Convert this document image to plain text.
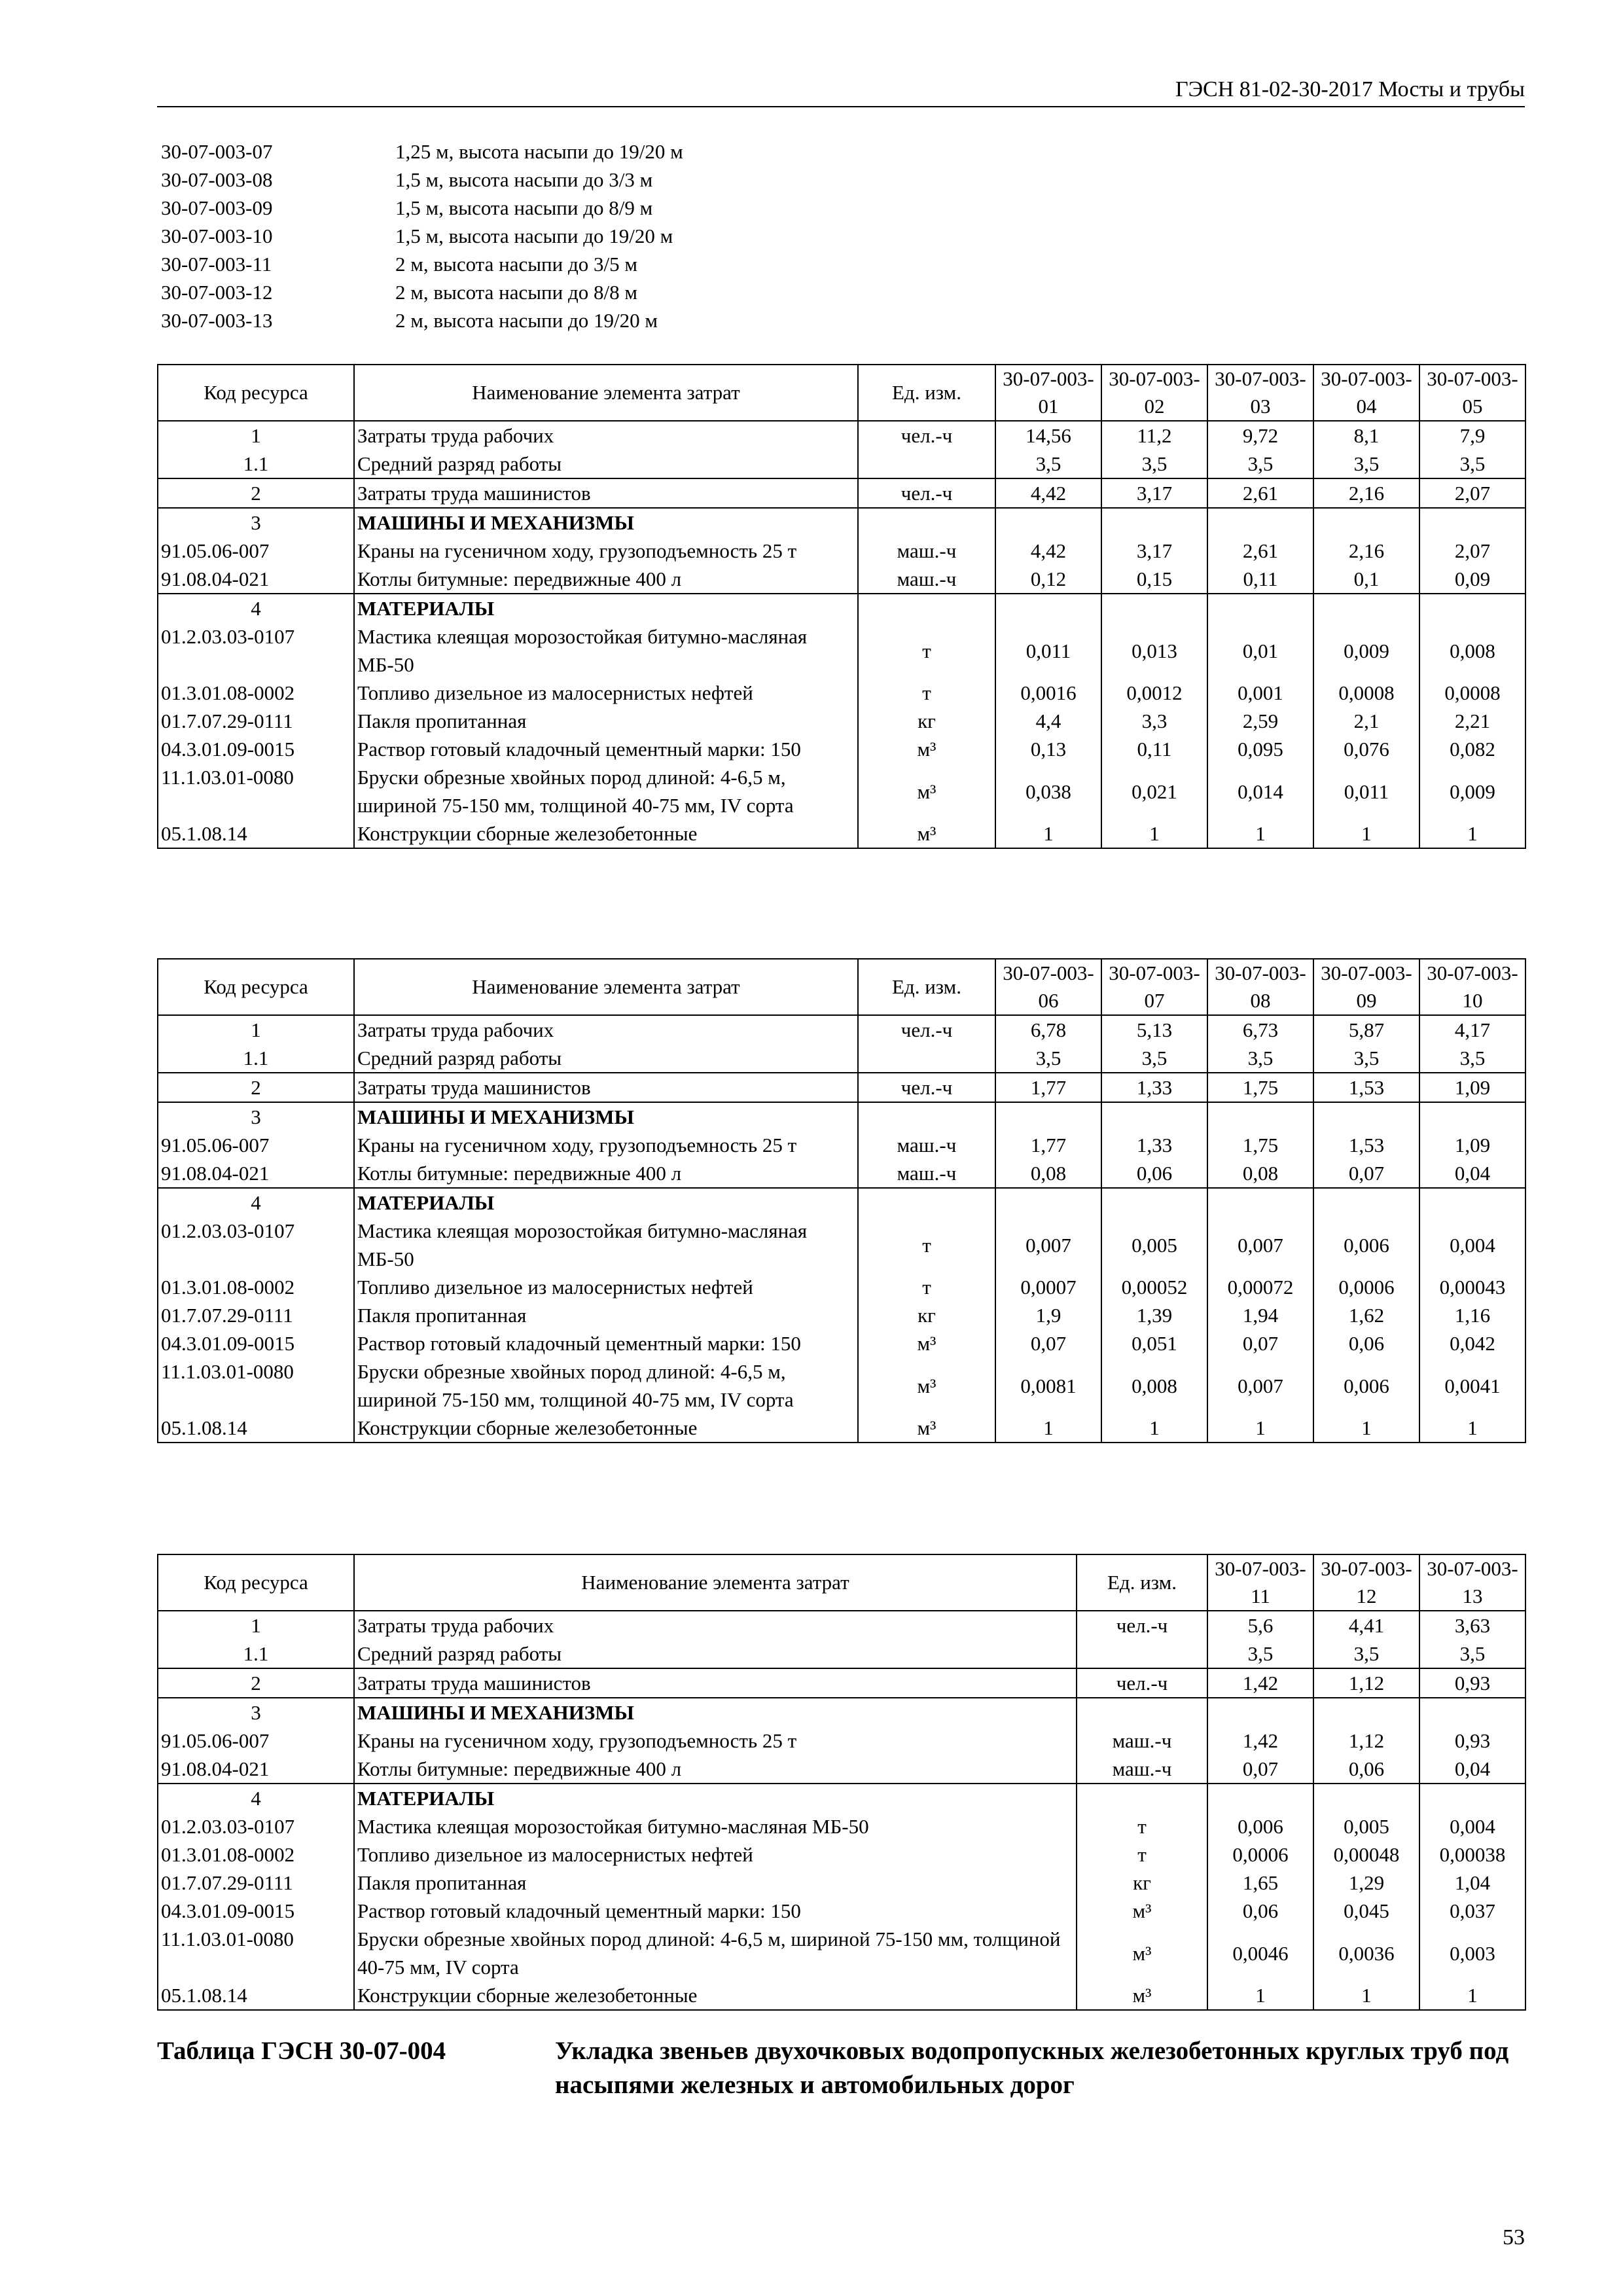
ГЭСН 81-02-30-2017 Мосты и трубы
30-07-003-07	1,25 м, высота насыпи до 19/20 м
30-07-003-08	1,5 м, высота насыпи до 3/3 м
30-07-003-09	1,5 м, высота насыпи до 8/9 м
30-07-003-10	1,5 м, высота насыпи до 19/20 м
30-07-003-11	2 м, высота насыпи до 3/5 м
30-07-003-12	2 м, высота насыпи до 8/8 м
30-07-003-13	2 м, высота насыпи до 19/20 м
Код ресурса	Наименование элемента затрат	Ед. изм.	30-07-003-01	30-07-003-02	30-07-003-03	30-07-003-04	30-07-003-05
1	Затраты труда рабочих	чел.-ч	14,56	11,2	9,72	8,1	7,9
1.1	Средний разряд работы		3,5	3,5	3,5	3,5	3,5
2	Затраты труда машинистов	чел.-ч	4,42	3,17	2,61	2,16	2,07
3	МАШИНЫ И МЕХАНИЗМЫ						
91.05.06-007	Краны на гусеничном ходу, грузоподъемность 25 т	маш.-ч	4,42	3,17	2,61	2,16	2,07
91.08.04-021	Котлы битумные: передвижные 400 л	маш.-ч	0,12	0,15	0,11	0,1	0,09
4	МАТЕРИАЛЫ						
01.2.03.03-0107	Мастика клеящая морозостойкая битумно-масляная МБ-50	т	0,011	0,013	0,01	0,009	0,008
01.3.01.08-0002	Топливо дизельное из малосернистых нефтей	т	0,0016	0,0012	0,001	0,0008	0,0008
01.7.07.29-0111	Пакля пропитанная	кг	4,4	3,3	2,59	2,1	2,21
04.3.01.09-0015	Раствор готовый кладочный цементный марки: 150	м³	0,13	0,11	0,095	0,076	0,082
11.1.03.01-0080	Бруски обрезные хвойных пород длиной: 4-6,5 м, шириной 75-150 мм, толщиной 40-75 мм, IV сорта	м³	0,038	0,021	0,014	0,011	0,009
05.1.08.14	Конструкции сборные железобетонные	м³	1	1	1	1	1
Код ресурса	Наименование элемента затрат	Ед. изм.	30-07-003-06	30-07-003-07	30-07-003-08	30-07-003-09	30-07-003-10
1	Затраты труда рабочих	чел.-ч	6,78	5,13	6,73	5,87	4,17
1.1	Средний разряд работы		3,5	3,5	3,5	3,5	3,5
2	Затраты труда машинистов	чел.-ч	1,77	1,33	1,75	1,53	1,09
3	МАШИНЫ И МЕХАНИЗМЫ						
91.05.06-007	Краны на гусеничном ходу, грузоподъемность 25 т	маш.-ч	1,77	1,33	1,75	1,53	1,09
91.08.04-021	Котлы битумные: передвижные 400 л	маш.-ч	0,08	0,06	0,08	0,07	0,04
4	МАТЕРИАЛЫ						
01.2.03.03-0107	Мастика клеящая морозостойкая битумно-масляная МБ-50	т	0,007	0,005	0,007	0,006	0,004
01.3.01.08-0002	Топливо дизельное из малосернистых нефтей	т	0,0007	0,00052	0,00072	0,0006	0,00043
01.7.07.29-0111	Пакля пропитанная	кг	1,9	1,39	1,94	1,62	1,16
04.3.01.09-0015	Раствор готовый кладочный цементный марки: 150	м³	0,07	0,051	0,07	0,06	0,042
11.1.03.01-0080	Бруски обрезные хвойных пород длиной: 4-6,5 м, шириной 75-150 мм, толщиной 40-75 мм, IV сорта	м³	0,0081	0,008	0,007	0,006	0,0041
05.1.08.14	Конструкции сборные железобетонные	м³	1	1	1	1	1
Код ресурса	Наименование элемента затрат	Ед. изм.	30-07-003-11	30-07-003-12	30-07-003-13
1	Затраты труда рабочих	чел.-ч	5,6	4,41	3,63
1.1	Средний разряд работы		3,5	3,5	3,5
2	Затраты труда машинистов	чел.-ч	1,42	1,12	0,93
3	МАШИНЫ И МЕХАНИЗМЫ				
91.05.06-007	Краны на гусеничном ходу, грузоподъемность 25 т	маш.-ч	1,42	1,12	0,93
91.08.04-021	Котлы битумные: передвижные 400 л	маш.-ч	0,07	0,06	0,04
4	МАТЕРИАЛЫ				
01.2.03.03-0107	Мастика клеящая морозостойкая битумно-масляная МБ-50	т	0,006	0,005	0,004
01.3.01.08-0002	Топливо дизельное из малосернистых нефтей	т	0,0006	0,00048	0,00038
01.7.07.29-0111	Пакля пропитанная	кг	1,65	1,29	1,04
04.3.01.09-0015	Раствор готовый кладочный цементный марки: 150	м³	0,06	0,045	0,037
11.1.03.01-0080	Бруски обрезные хвойных пород длиной: 4-6,5 м, шириной 75-150 мм, толщиной 40-75 мм, IV сорта	м³	0,0046	0,0036	0,003
05.1.08.14	Конструкции сборные железобетонные	м³	1	1	1
Таблица ГЭСН 30-07-004	Укладка звеньев двухочковых водопропускных железобетонных круглых труб под насыпями железных и автомобильных дорог
53
